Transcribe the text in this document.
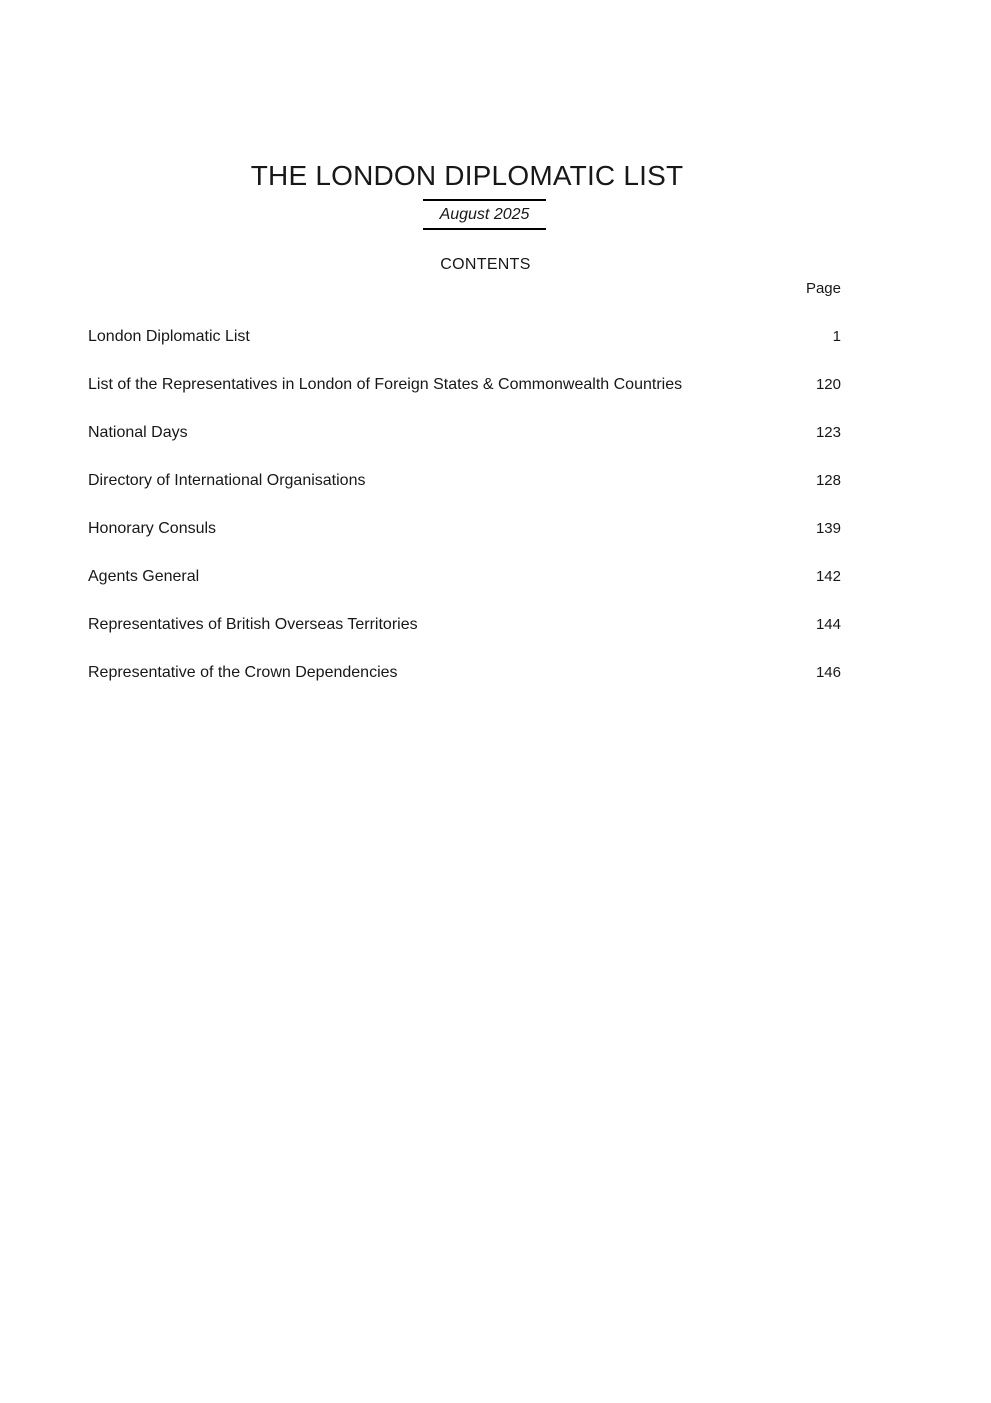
THE LONDON DIPLOMATIC LIST
August 2025
CONTENTS
Page
London Diplomatic List	1
List of the Representatives in London of Foreign States & Commonwealth Countries	120
National Days	123
Directory of International Organisations	128
Honorary Consuls	139
Agents General	142
Representatives of British Overseas Territories	144
Representative of the Crown Dependencies	146
